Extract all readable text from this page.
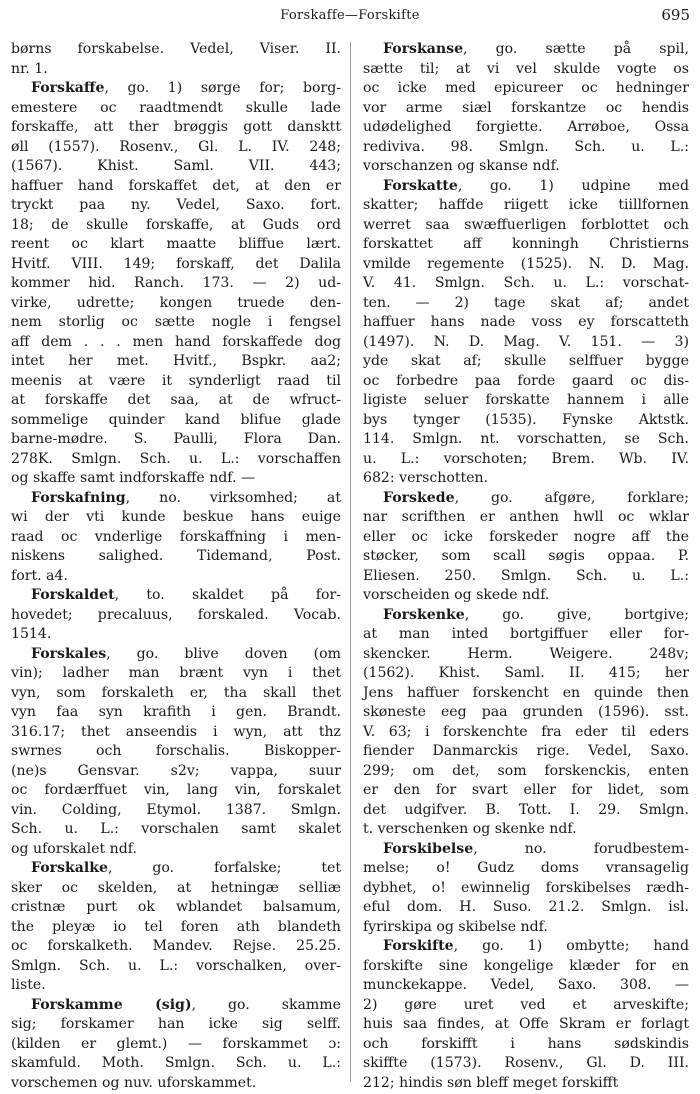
Forskaffe—Forskifte	695
børns forskabelse. Vedel, Viser. II.
nr. 1.
Forskaffe, go. 1) sørge for; borg-
emestere oc raadtmendt skulle lade
forskaffe, att ther brøggis gott dansktt
øll (1557). Rosenv., Gl. L. IV. 248;
(1567). Khist. Saml. VII. 443;
haffuer hand forskaffet det, at den er
tryckt paa ny. Vedel, Saxo. fort.
18; de skulle forskaffe, at Guds ord
reent oc klart maatte bliffue lært.
Hvitf. VIII. 149; forskaff, det Dalila
kommer hid. Ranch. 173. — 2) ud-
virke, udrette; kongen truede den-
nem storlig oc sætte nogle i fengsel
aff dem . . . men hand forskaffede dog
intet her met. Hvitf., Bspkr. aa2;
meenis at være it synderligt raad til
at forskaffe det saa, at de wfruct-
sommelige quinder kand blifue glade
barne-mødre. S. Paulli, Flora Dan.
278K. Smlgn. Sch. u. L.: vorschaffen
og skaffe samt indforskaffe ndf. —
Forskafning, no. virksomhed; at
wi der vti kunde beskue hans euige
raad oc vnderlige forskaffning i men-
niskens salighed. Tidemand, Post.
fort. a4.
Forskaldet, to. skaldet på for-
hovedet; precaluus, forskaled. Vocab.
1514.
Forskales, go. blive doven (om
vin); ladher man brænt vyn i thet
vyn, som forskaleth er, tha skall thet
vyn faa syn krafith i gen. Brandt.
316.17; thet anseendis i wyn, att thz
swrnes och forschalis. Biskopper-
(ne)s Gensvar. s2v; vappa, suur
oc fordærffuet vin, lang vin, forskalet
vin. Colding, Etymol. 1387. Smlgn.
Sch. u. L.: vorschalen samt skalet
og uforskalet ndf.
Forskalke, go. forfalske; tet
sker oc skelden, at hetningæ selliæ
cristnæ purt ok wblandet balsamum,
the pleyæ io tel foren ath blandeth
oc forskalketh. Mandev. Rejse. 25.25.
Smlgn. Sch. u. L.: vorschalken, over-
liste.
Forskamme (sig), go. skamme
sig; forskamer han icke sig selff.
(kilden er glemt.) — forskammet ɔ:
skamfuld. Moth. Smlgn. Sch. u. L.:
vorschemen og nuv. uforskammet.
Forskanse, go. sætte på spil,
sætte til; at vi vel skulde vogte os
oc icke med epicureer oc hedninger
vor arme siæl forskantze oc hendis
udødelighed forgiette. Arrøboe, Ossa
rediviva. 98. Smlgn. Sch. u. L.:
vorschanzen og skanse ndf.
Forskatte, go. 1) udpine med
skatter; haffde riigett icke tiillfornen
werret saa swæffuerligen forblottet och
forskattet aff konningh Christierns
vmilde regemente (1525). N. D. Mag.
V. 41. Smlgn. Sch. u. L.: vorschat-
ten. — 2) tage skat af; andet
haffuer hans nade voss ey forscatteth
(1497). N. D. Mag. V. 151. — 3)
yde skat af; skulle selffuer bygge
oc forbedre paa forde gaard oc dis-
ligiste seluer forskatte hannem i alle
bys tynger (1535). Fynske Aktstk.
114. Smlgn. nt. vorschatten, se Sch.
u. L.: vorschoten; Brem. Wb. IV.
682: verschotten.
Forskede, go. afgøre, forklare;
nar scrifthen er anthen hwll oc wklar
eller oc icke forskeder nogre aff the
støcker, som scall søgis oppaa. P.
Eliesen. 250. Smlgn. Sch. u. L.:
vorscheiden og skede ndf.
Forskenke, go. give, bortgive;
at man inted bortgiffuer eller for-
skencker. Herm. Weigere. 248v;
(1562). Khist. Saml. II. 415; her
Jens haffuer forskencht en quinde then
skøneste eeg paa grunden (1596). sst.
V. 63; i forskenchte fra eder til eders
fiender Danmarckis rige. Vedel, Saxo.
299; om det, som forskenckis, enten
er den for svart eller for lidet, som
det udgifver. B. Tott. I. 29. Smlgn.
t. verschenken og skenke ndf.
Forskibelse, no. forudbestem-
melse; o! Gudz doms vransagelig
dybhet, o! ewinnelig forskibelses rædh-
eful dom. H. Suso. 21.2. Smlgn. isl.
fyrirskipa og skibelse ndf.
Forskifte, go. 1) ombytte; hand
forskifte sine kongelige klæder for en
munckekappe. Vedel, Saxo. 308. —
2) gøre uret ved et arveskifte;
huis saa findes, at Offe Skram er forlagt
och forskifft i hans sødskindis
skiffte (1573). Rosenv., Gl. D. III.
212; hindis søn bleff meget forskifft
